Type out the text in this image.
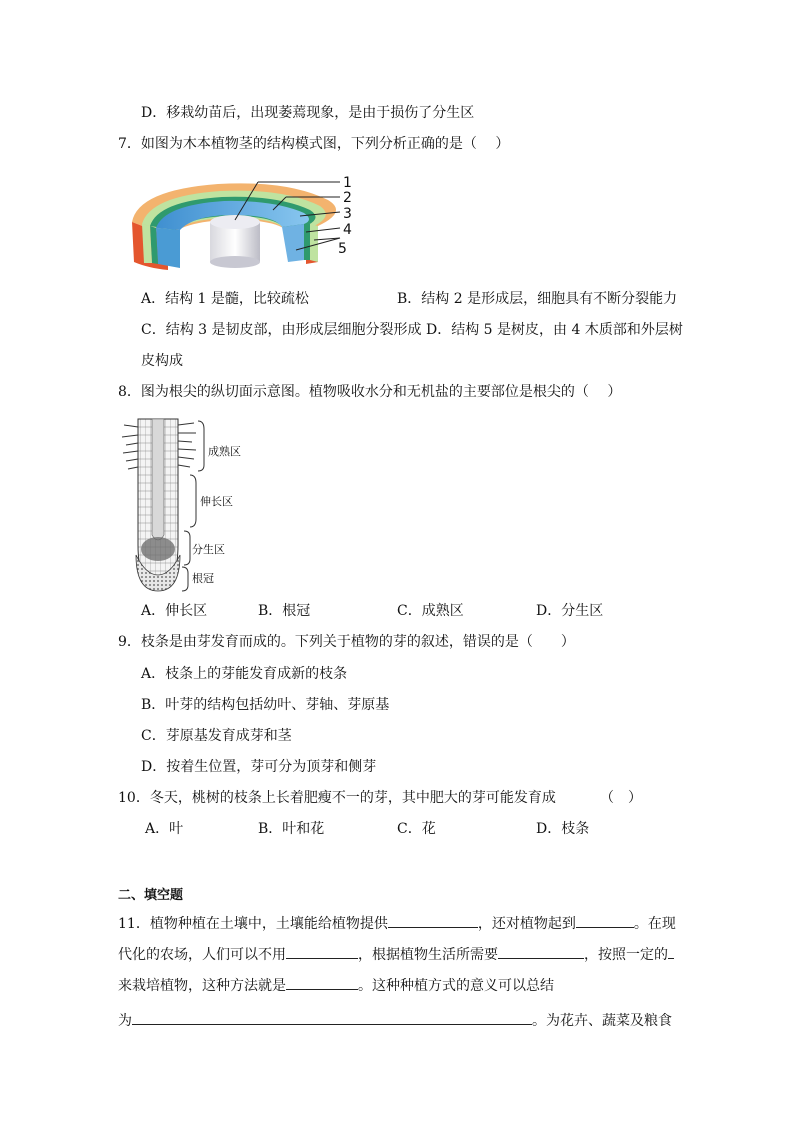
D．移栽幼苗后，出现萎蔫现象，是由于损伤了分生区
7．如图为木本植物茎的结构模式图，下列分析正确的是（　 ）
1
2
3
4
5
A．结构 1 是髓，比较疏松	B．结构 2 是形成层，细胞具有不断分裂能力
C．结构 3 是韧皮部，由形成层细胞分裂形成 D．结构 5 是树皮，由 4 木质部和外层树
皮构成
8．图为根尖的纵切面示意图。植物吸收水分和无机盐的主要部位是根尖的（　 ）
成熟区
伸长区
分生区
根冠
A．伸长区	B．根冠	C．成熟区	D．分生区
9．枝条是由芽发育而成的。下列关于植物的芽的叙述，错误的是（　　）
A．枝条上的芽能发育成新的枝条
B．叶芽的结构包括幼叶、芽轴、芽原基
C．芽原基发育成芽和茎
D．按着生位置，芽可分为顶芽和侧芽
10．冬天，桃树的枝条上长着肥瘦不一的芽，其中肥大的芽可能发育成	（　）
A．叶	B．叶和花	C．花	D．枝条
二、填空题
11．植物种植在土壤中，土壤能给植物提供	，还对植物起到	。在现
代化的农场，人们可以不用	，根据植物生活所需要	，按照一定的
来栽培植物，这种方法就是	。这种种植方式的意义可以总结
为	。为花卉、蔬菜及粮食
